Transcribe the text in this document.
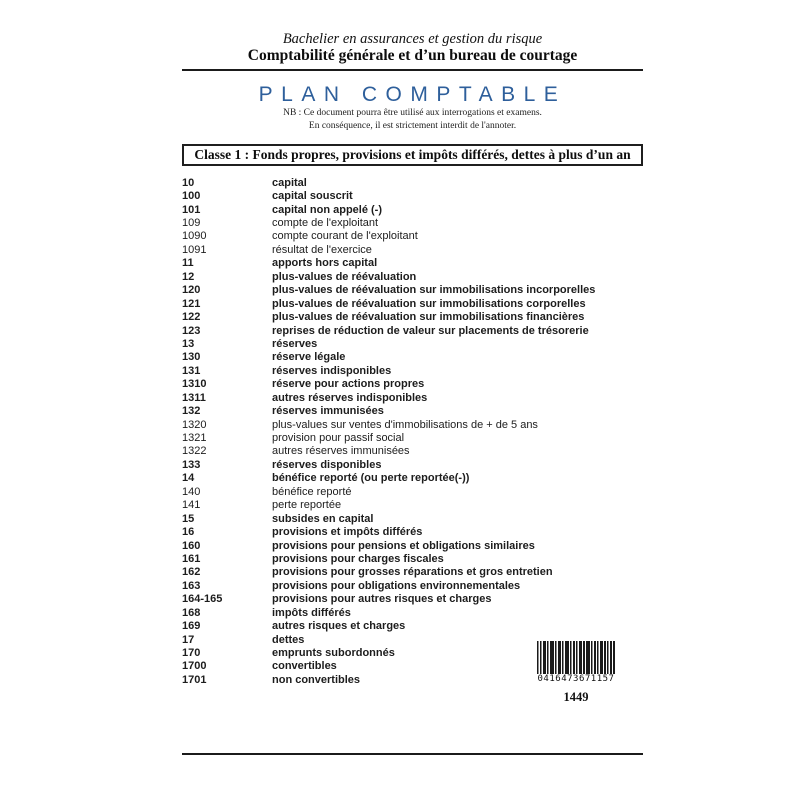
Bachelier en assurances et gestion du risque
Comptabilité générale et d’un bureau de courtage
PLAN COMPTABLE
NB : Ce document pourra être utilisé aux interrogations et examens.
En conséquence, il est strictement interdit de l'annoter.
Classe 1 : Fonds propres, provisions et impôts différés, dettes à plus d’un an
10	capital
100	capital souscrit
101	capital non appelé (-)
109	compte de l'exploitant
1090	compte courant de l'exploitant
1091	résultat de l'exercice
11	apports hors capital
12	plus-values de réévaluation
120	plus-values de réévaluation sur immobilisations incorporelles
121	plus-values de réévaluation sur immobilisations corporelles
122	plus-values de réévaluation sur immobilisations financières
123	reprises de réduction de valeur sur placements de trésorerie
13	réserves
130	réserve légale
131	réserves indisponibles
1310	réserve pour actions propres
1311	autres réserves indisponibles
132	réserves immunisées
1320	plus-values sur ventes d'immobilisations de + de 5 ans
1321	provision pour passif social
1322	autres réserves immunisées
133	réserves disponibles
14	bénéfice reporté (ou perte reportée(-))
140	bénéfice reporté
141	perte reportée
15	subsides en capital
16	provisions et impôts différés
160	provisions pour pensions et obligations similaires
161	provisions pour charges fiscales
162	provisions pour grosses réparations et gros entretien
163	provisions pour obligations environnementales
164-165	provisions pour autres risques et charges
168	impôts différés
169	autres risques et charges
17	dettes
170	emprunts subordonnés
1700	convertibles
1701	non convertibles	0416473671157
1449
